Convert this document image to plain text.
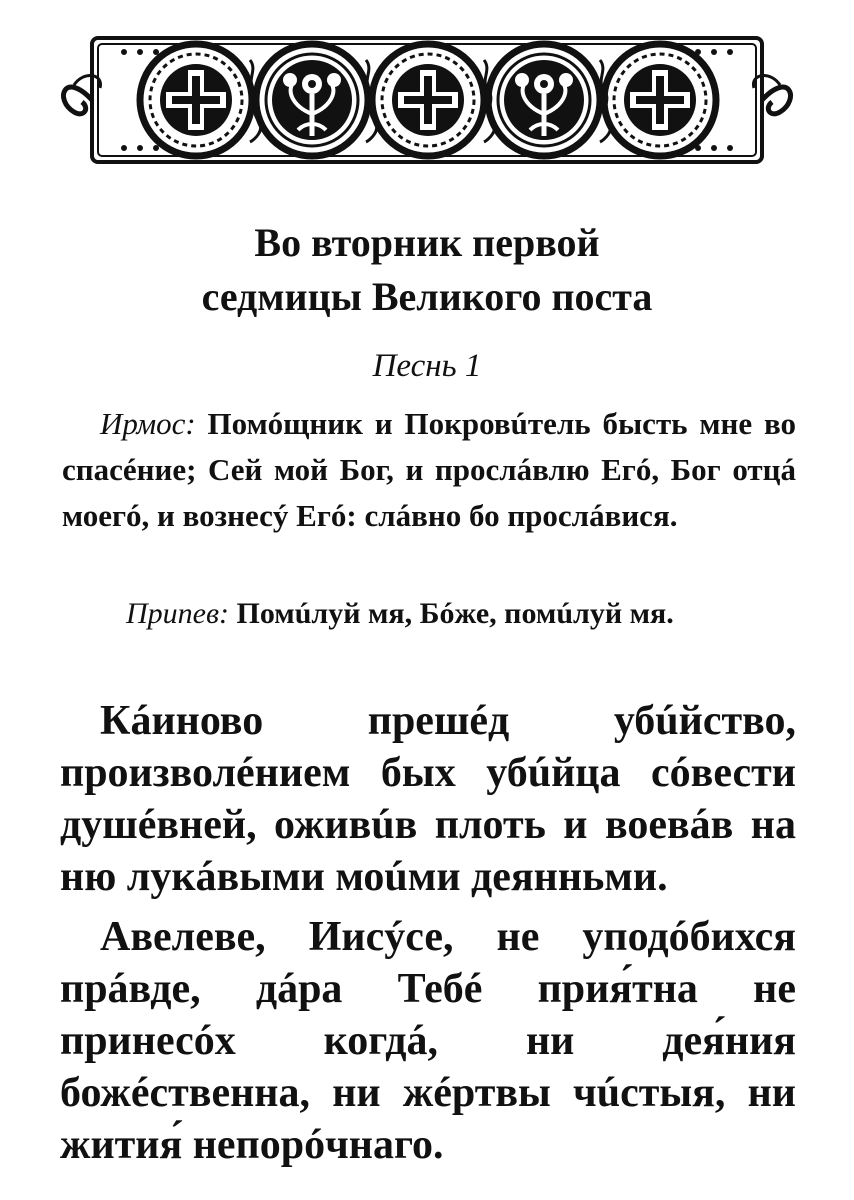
Во вторник первой
седмицы Великого поста
Песнь 1
Ирмос: Помóщник и Покровúтель бысть мне во спасéние; Сей мой Бог, и прослáвлю Егó, Бог отцá моегó, и вознесý Егó: слáвно бо прослáвися.
Припев: Помúлуй мя, Бóже, помúлуй мя.
Кáиново прешéд убúйство, произволéнием бых убúйца сóвести душéвней, оживúв плоть и воевáв на ню лукáвыми моúми деянньми.
Авелеве, Иисýсе, не уподóбихся прáвде, дáра Тебé прия́тна не принесóх когдá, ни дея́ния божéственна, ни жéртвы чúстыя, ни жития́ непорóчнаго.
